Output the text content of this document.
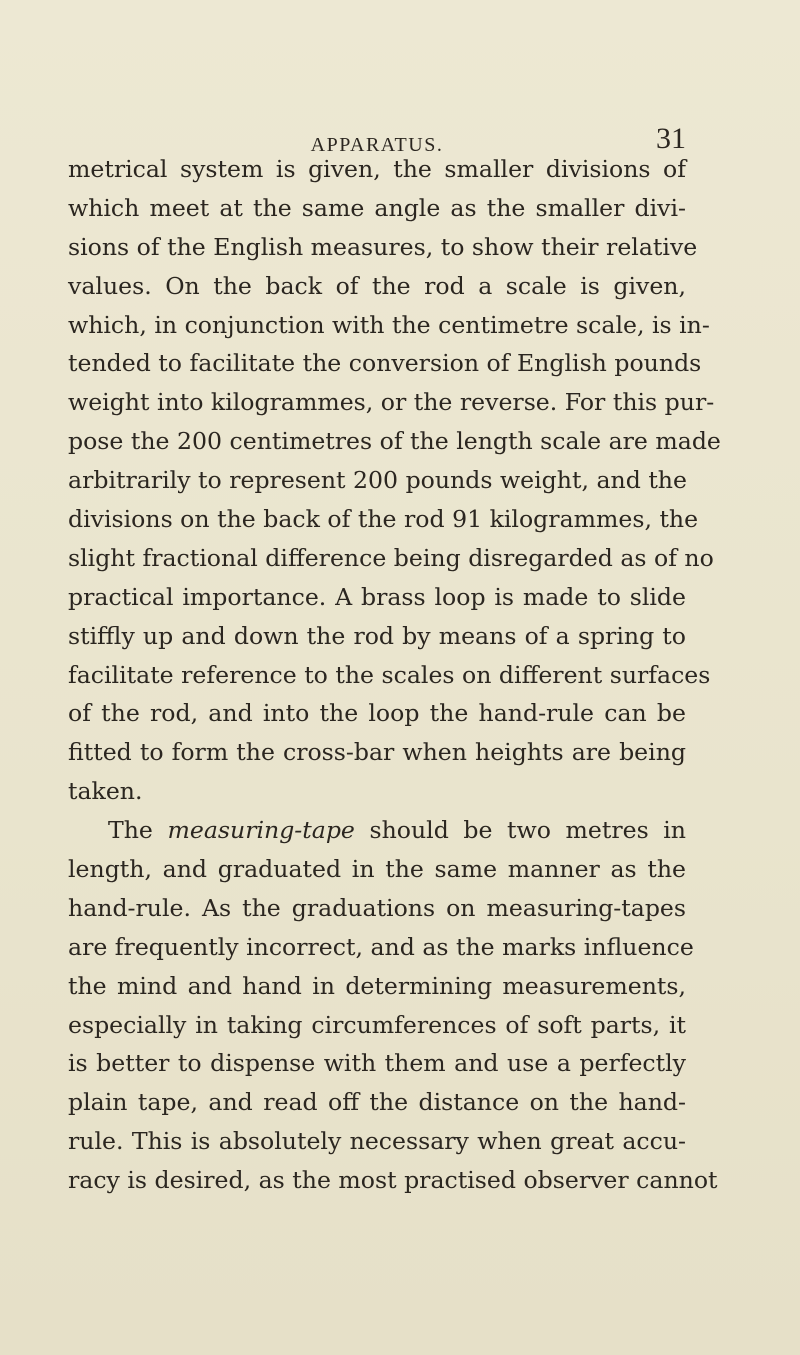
APPARATUS.	31
metrical system is given, the smaller divisions of
which meet at the same angle as the smaller divi-
sions of the English measures, to show their relative
values. On the back of the rod a scale is given,
which, in conjunction with the centimetre scale, is in-
tended to facilitate the conversion of English pounds
weight into kilogrammes, or the reverse. For this pur-
pose the 200 centimetres of the length scale are made
arbitrarily to represent 200 pounds weight, and the
divisions on the back of the rod 91 kilogrammes, the
slight fractional difference being disregarded as of no
practical importance. A brass loop is made to slide
stiffly up and down the rod by means of a spring to
facilitate reference to the scales on different surfaces
of the rod, and into the loop the hand-rule can be
fitted to form the cross-bar when heights are being
taken.
The measuring-tape should be two metres in
length, and graduated in the same manner as the
hand-rule. As the graduations on measuring-tapes
are frequently incorrect, and as the marks influence
the mind and hand in determining measurements,
especially in taking circumferences of soft parts, it
is better to dispense with them and use a perfectly
plain tape, and read off the distance on the hand-
rule. This is absolutely necessary when great accu-
racy is desired, as the most practised observer cannot
